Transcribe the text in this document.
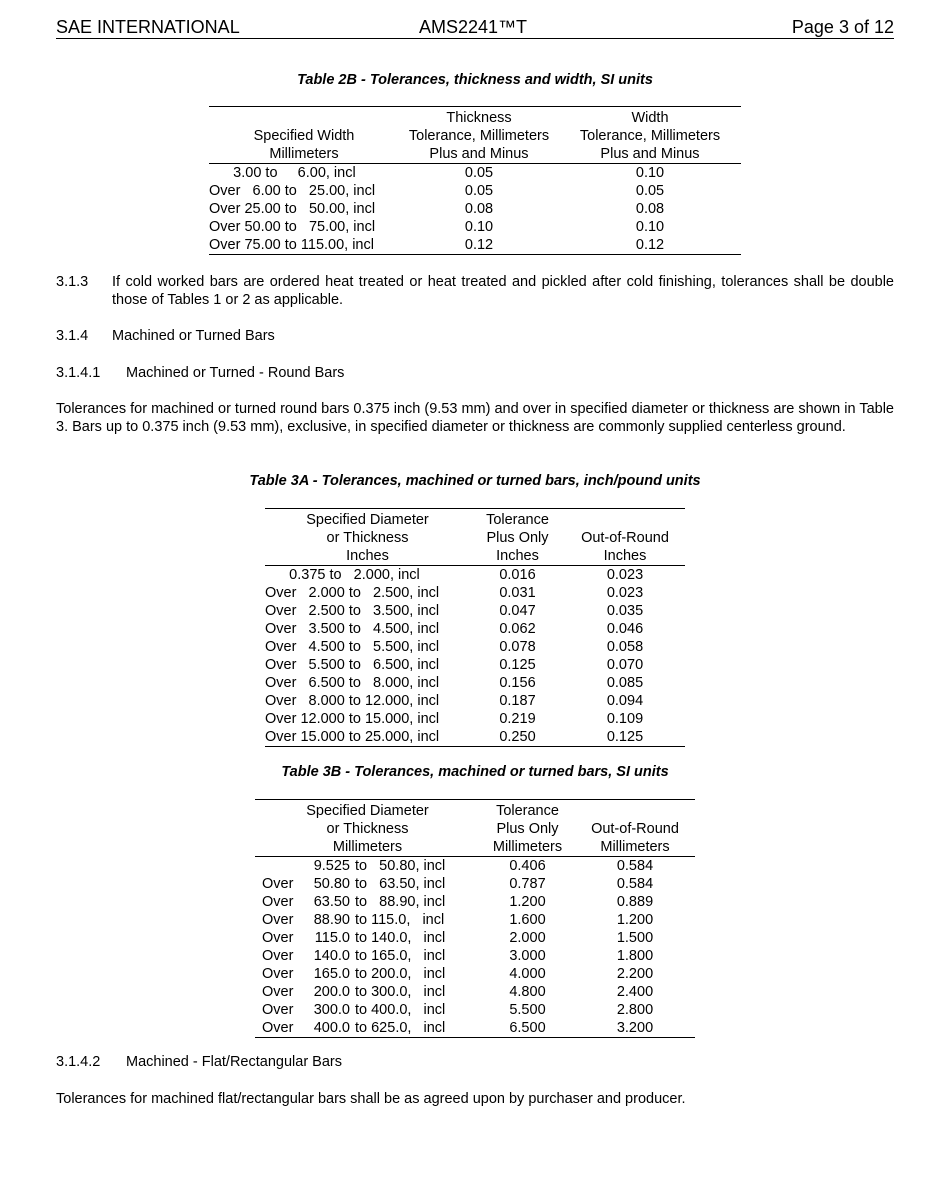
SAE INTERNATIONAL	AMS2241™T	Page 3 of 12
Table 2B - Tolerances, thickness and width, SI units
	Thickness	Width
Specified Width	Tolerance, Millimeters	Tolerance, Millimeters
Millimeters	Plus and Minus	Plus and Minus
3.00 to     6.00, incl	0.05	0.10
Over   6.00 to   25.00, incl	0.05	0.05
Over 25.00 to   50.00, incl	0.08	0.08
Over 50.00 to   75.00, incl	0.10	0.10
Over 75.00 to 115.00, incl	0.12	0.12
3.1.3 If cold worked bars are ordered heat treated or heat treated and pickled after cold finishing, tolerances shall be double those of Tables 1 or 2 as applicable.
3.1.4 Machined or Turned Bars
3.1.4.1 Machined or Turned - Round Bars
Tolerances for machined or turned round bars 0.375 inch (9.53 mm) and over in specified diameter or thickness are shown in Table 3. Bars up to 0.375 inch (9.53 mm), exclusive, in specified diameter or thickness are commonly supplied centerless ground.
Table 3A - Tolerances, machined or turned bars, inch/pound units
Specified Diameter	Tolerance	
or Thickness	Plus Only	Out-of-Round
Inches	Inches	Inches
0.375 to   2.000, incl	0.016	0.023
Over   2.000 to   2.500, incl	0.031	0.023
Over   2.500 to   3.500, incl	0.047	0.035
Over   3.500 to   4.500, incl	0.062	0.046
Over   4.500 to   5.500, incl	0.078	0.058
Over   5.500 to   6.500, incl	0.125	0.070
Over   6.500 to   8.000, incl	0.156	0.085
Over   8.000 to 12.000, incl	0.187	0.094
Over 12.000 to 15.000, incl	0.219	0.109
Over 15.000 to 25.000, incl	0.250	0.125
Table 3B - Tolerances, machined or turned bars, SI units
Specified Diameter			Tolerance	
or Thickness			Plus Only	Out-of-Round
Millimeters			Millimeters	Millimeters
	9.525	to   50.80, incl	0.406	0.584
Over	50.80	to   63.50, incl	0.787	0.584
Over	63.50	to   88.90, incl	1.200	0.889
Over	88.90	to 115.0,   incl	1.600	1.200
Over	115.0	to 140.0,   incl	2.000	1.500
Over	140.0	to 165.0,   incl	3.000	1.800
Over	165.0	to 200.0,   incl	4.000	2.200
Over	200.0	to 300.0,   incl	4.800	2.400
Over	300.0	to 400.0,   incl	5.500	2.800
Over	400.0	to 625.0,   incl	6.500	3.200
3.1.4.2 Machined - Flat/Rectangular Bars
Tolerances for machined flat/rectangular bars shall be as agreed upon by purchaser and producer.
